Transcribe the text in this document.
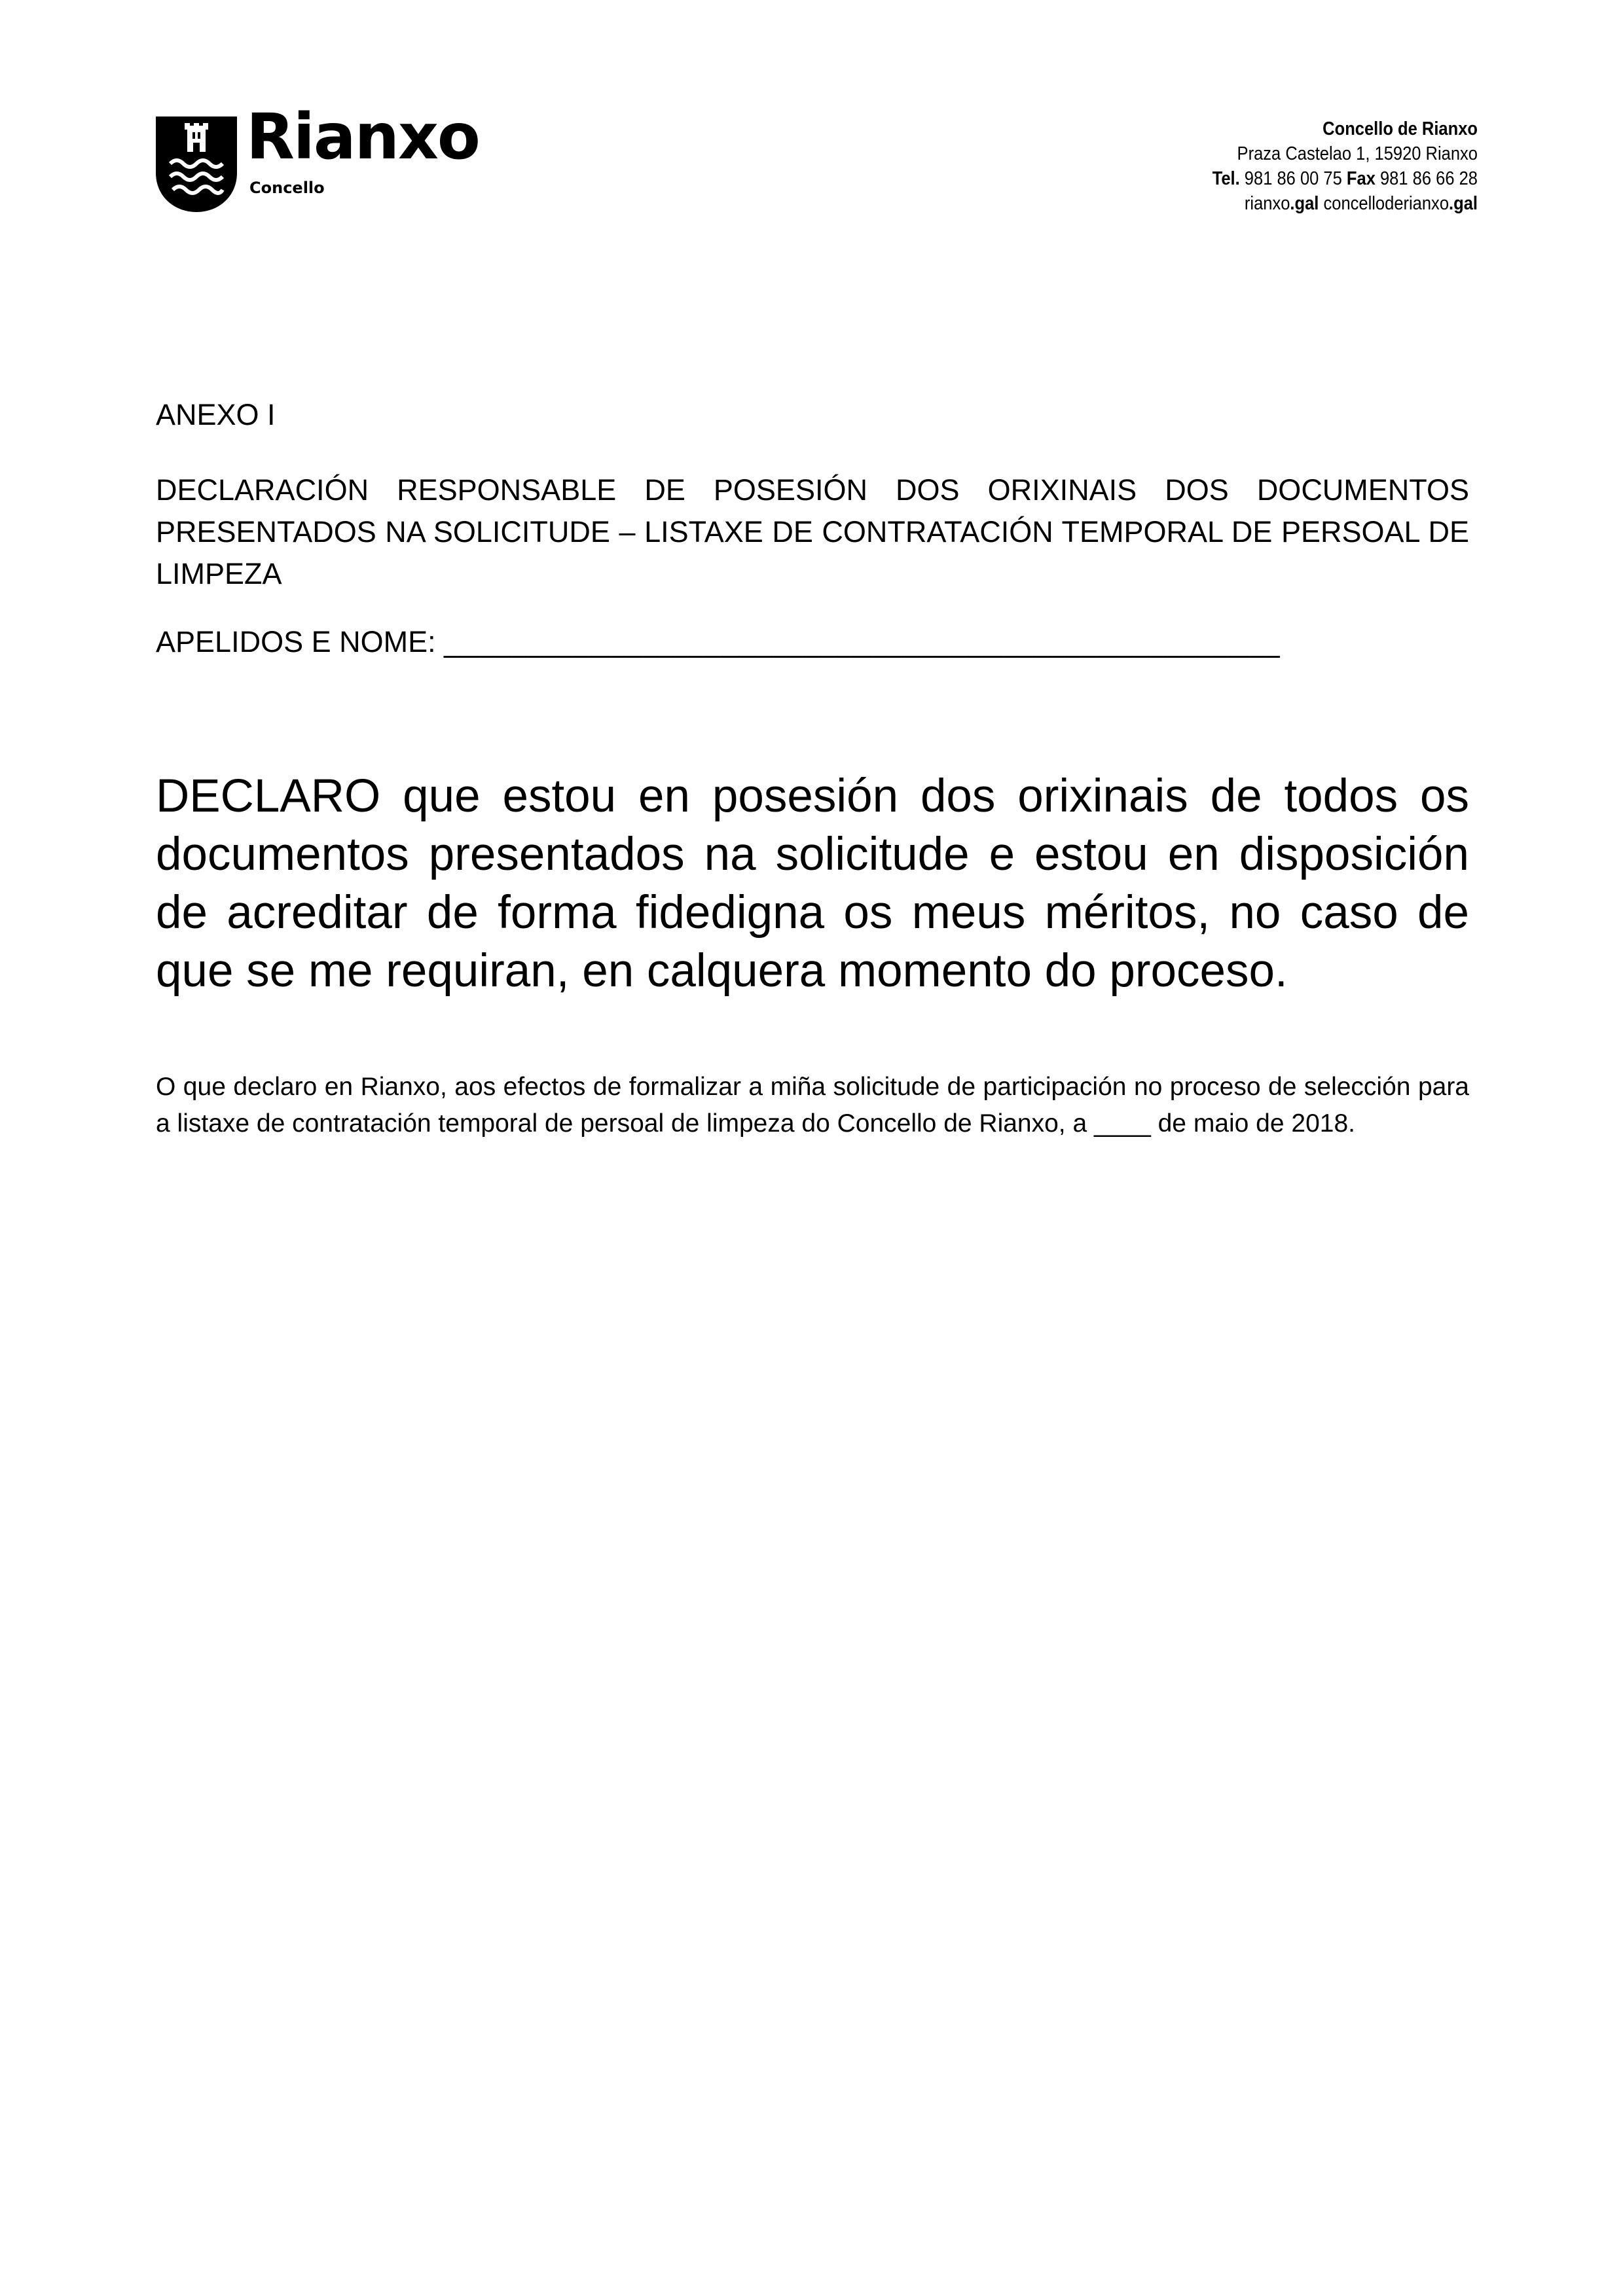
Rianxo
Concello
Concello de Rianxo
Praza Castelao 1, 15920 Rianxo
Tel. 981 86 00 75 Fax 981 86 66 28
rianxo.gal concelloderianxo.gal
ANEXO I
DECLARACIÓN RESPONSABLE DE POSESIÓN DOS ORIXINAIS DOS DOCUMENTOS PRESENTADOS NA SOLICITUDE – LISTAXE DE CONTRATACIÓN TEMPORAL DE PERSOAL DE LIMPEZA
APELIDOS E NOME: ___________________________________________________
DECLARO que estou en posesión dos orixinais de todos os documentos presentados na solicitude e estou en disposición de acreditar de forma fidedigna os meus méritos, no caso de que se me requiran, en calquera momento do proceso.
O que declaro en Rianxo, aos efectos de formalizar a miña solicitude de participación no proceso de selección para a listaxe de contratación temporal de persoal de limpeza do Concello de Rianxo, a ____ de maio de 2018.
